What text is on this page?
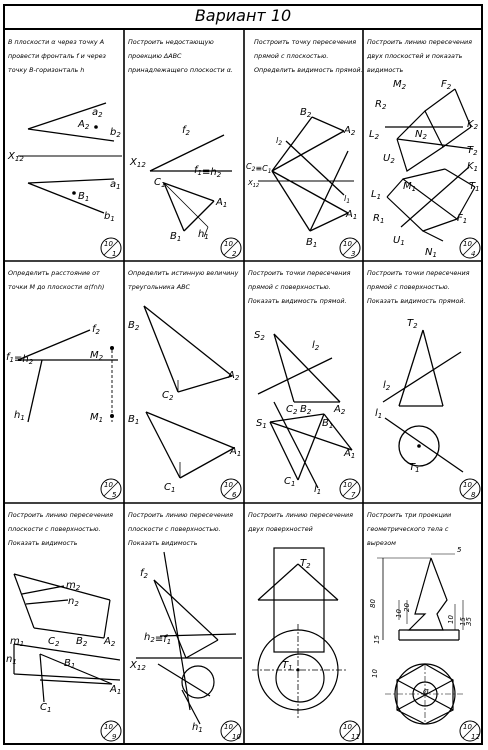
Вариант 10
В плоскости α через точку А провести фронталь f и через точку В-горизонталь h
$a_2$
$A_2$ $b_2$
$X_{12}$
$a_1$
$B_1$
$b_1$
10
1
Построить недостающую проекцию ΔАВС принадлежащего плоскости α.
$f_2$
$X_{12}$	$f_1\equiv h_2$
$C_1$
$A_1$
$B_1$ $h_1$
10
2
Построить точку пересечения прямой с плоскостью. Определить видимость прямой.
$B_2$
$A_2$
$l_2$
$C_2\equiv C_1$
$X_{12}$
$B_1$
$A_1$
$l_1$
10
3
Построить линию пересечения двух плоскостей и показать видимость
$M_2$	$F_2$
$R_2$
$L_2$	$N_2$
$K_2$
$U_2$
$T_2$
$K_1$
$L_1$
$M_1$	$T_1$
$R_1$
$U_1$
$N_1$
$F_1$
10
4
Определить расстояние от точки М до плоскости α(f∩h)
$f_2$
$f_1\equiv h_2$
$M_2$
$h_1$	$M_1$
10
5
Определить истинную величину треугольника АВС
$B_2$
$C_2$
$A_2$
$B_1$
$A_1$
$C_1$
10
6
Построить точки пересечения прямой с поверхностью. Показать видимость прямой.
$S_2$
$l_2$
$C_2$ $B_2$ $A_2$
$S_1$	$B_1$
$A_1$
$C_1$ $l_1$
10
7
Построить точки пересечения прямой с поверхностью. Показать видимость прямой.
$T_2$
$l_2$
$l_1$
$T_1$
10
8
Построить линию пересечения плоскости с поверхностью. Показать видимость
$m_2$
$n_2$
$m_1$
$n_1$
$C_2$ $B_2$ $A_2$
$B_1$
$A_1$
$C_1$
10
9
Построить линию пересечения плоскости с поверхностью. Показать видимость
$f_2$
$h_2\equiv f_1$
$X_{12}$
$h_1$	10
10
Построить линию пересечения двух поверхностей
$T_2$
$T_1$
10
11
Построить три проекции геометрического тела с вырезом
5
80
10
20
10 15
35
15
10
Ø
10
12
